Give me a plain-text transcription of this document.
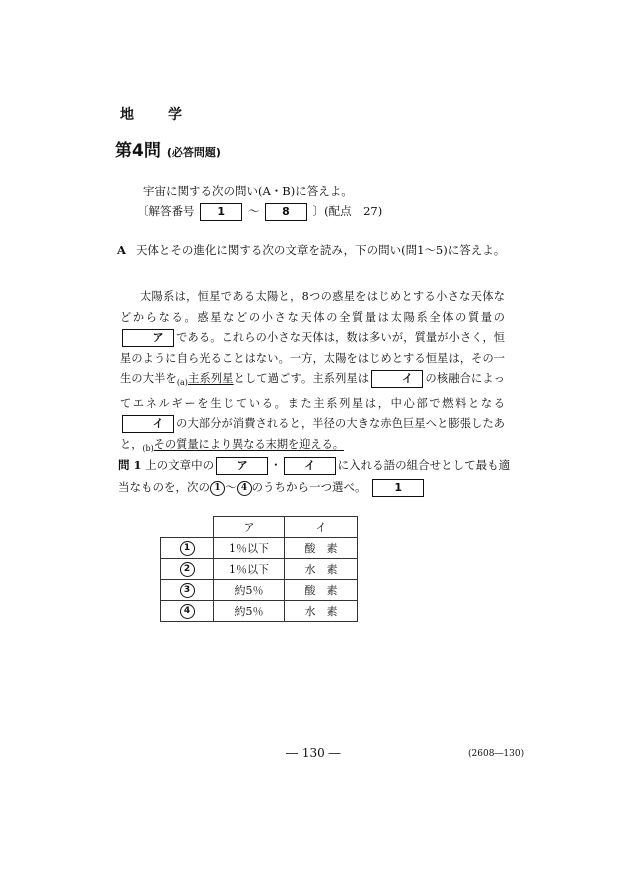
地　学
第4問 (必答問題)
宇宙に関する次の問い(A・B)に答えよ。
〔解答番号 1 ～ 8 〕(配点　27)
A 天体とその進化に関する次の文章を読み，下の問い(問1～5)に答えよ。

太陽系は，恒星である太陽と，8つの惑星をはじめとする小さな天体などからなる。惑星などの小さな天体の全質量は太陽系全体の質量のア である。これらの小さな天体は，数は多いが，質量が小さく，恒星のように自ら光ることはない。一方，太陽をはじめとする恒星は，その一生の大半を$_{(a)}$主系列星として過ごす。主系列星は	イ の核融合によってエネルギーを生じている。また主系列星は，中心部で燃料となるイ の大部分が消費されると，半径の大きな赤色巨星へと膨張したあと，$_{(b)}$その質量により異なる末期を迎える。

問 1 上の文章中の ア ・ イ に入れる語の組合せとして最も適当なものを，次の 1 ～ 4 のうちから一つ選べ。	1
	ア	イ
1	1％以下	酸　素
2	1％以下	水　素
3	約5％	酸　素
4	約5％	水　素
― 130 ―	(2608―130)
